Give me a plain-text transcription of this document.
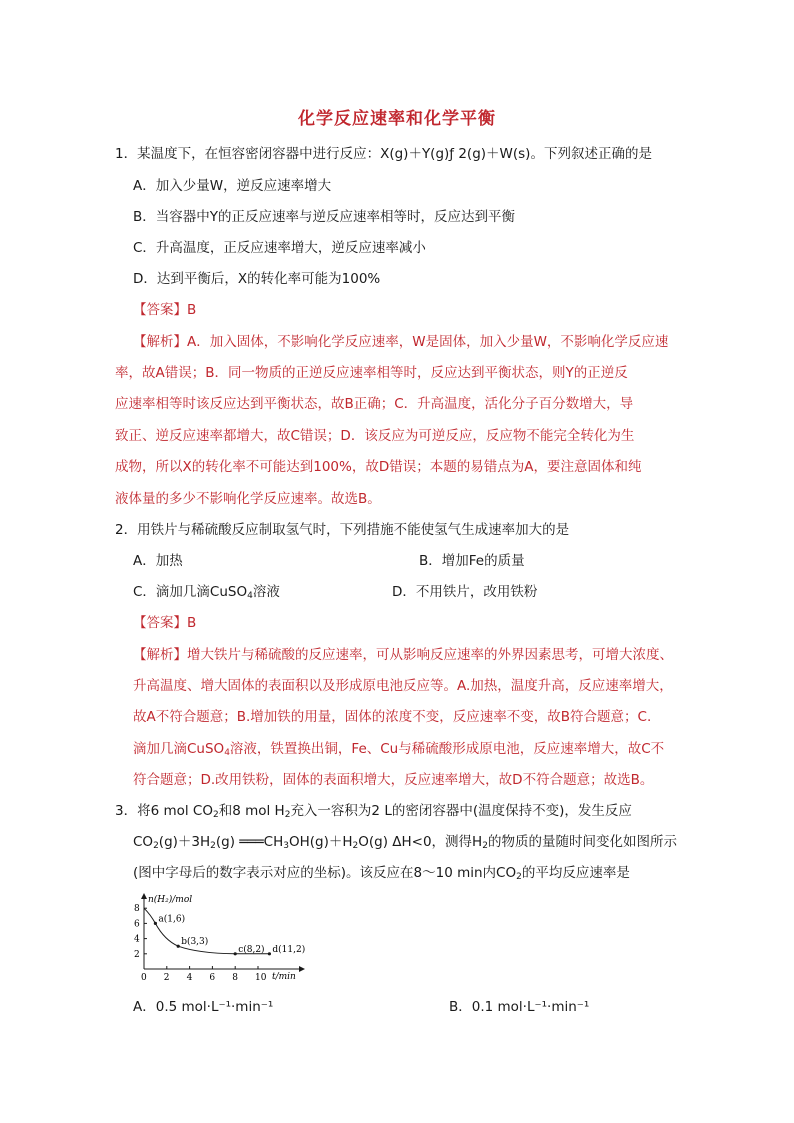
化学反应速率和化学平衡
1．某温度下，在恒容密闭容器中进行反应：X(g)＋Y(g)ƒ 2(g)＋W(s)。下列叙述正确的是
A．加入少量W，逆反应速率增大
B．当容器中Y的正反应速率与逆反应速率相等时，反应达到平衡
C．升高温度，正反应速率增大，逆反应速率减小
D．达到平衡后，X的转化率可能为100%
【答案】B
【解析】A．加入固体，不影响化学反应速率，W是固体，加入少量W，不影响化学反应速
率，故A错误；B．同一物质的正逆反应速率相等时，反应达到平衡状态，则Y的正逆反
应速率相等时该反应达到平衡状态，故B正确；C．升高温度，活化分子百分数增大，导
致正、逆反应速率都增大，故C错误；D．该反应为可逆反应，反应物不能完全转化为生
成物，所以X的转化率不可能达到100%，故D错误；本题的易错点为A，要注意固体和纯
液体量的多少不影响化学反应速率。故选B。
2．用铁片与稀硫酸反应制取氢气时，下列措施不能使氢气生成速率加大的是
A．加热	B．增加Fe的质量
C．滴加几滴CuSO$_4$溶液	D．不用铁片，改用铁粉
【答案】B
【解析】增大铁片与稀硫酸的反应速率，可从影响反应速率的外界因素思考，可增大浓度、
升高温度、增大固体的表面积以及形成原电池反应等。A.加热，温度升高，反应速率增大，
故A不符合题意；B.增加铁的用量，固体的浓度不变，反应速率不变，故B符合题意；C.
滴加几滴CuSO$_4$溶液，铁置换出铜，Fe、Cu与稀硫酸形成原电池，反应速率增大，故C不
符合题意；D.改用铁粉，固体的表面积增大，反应速率增大，故D不符合题意；故选B。
3．将6 mol $CO_2$和8 mol $H_2$充入一容积为2 L的密闭容器中(温度保持不变)，发生反应
$CO_2(g)+3H_2(g)$ $═══CH_3OH(g)+H_2O(g)$ ΔH<0，测得$H_2$的物质的量随时间变化如图所示
(图中字母后的数字表示对应的坐标)。该反应在8～10 min内$CO_2$的平均反应速率是
n(H₂)/mol
t/min
0 2 4 6 8 10
2
4
6
8
a(1,6)
b(3,3)
c(8,2) d(11,2)
A．0.5 mol·L⁻¹·min⁻¹	B．0.1 mol·L⁻¹·min⁻¹
